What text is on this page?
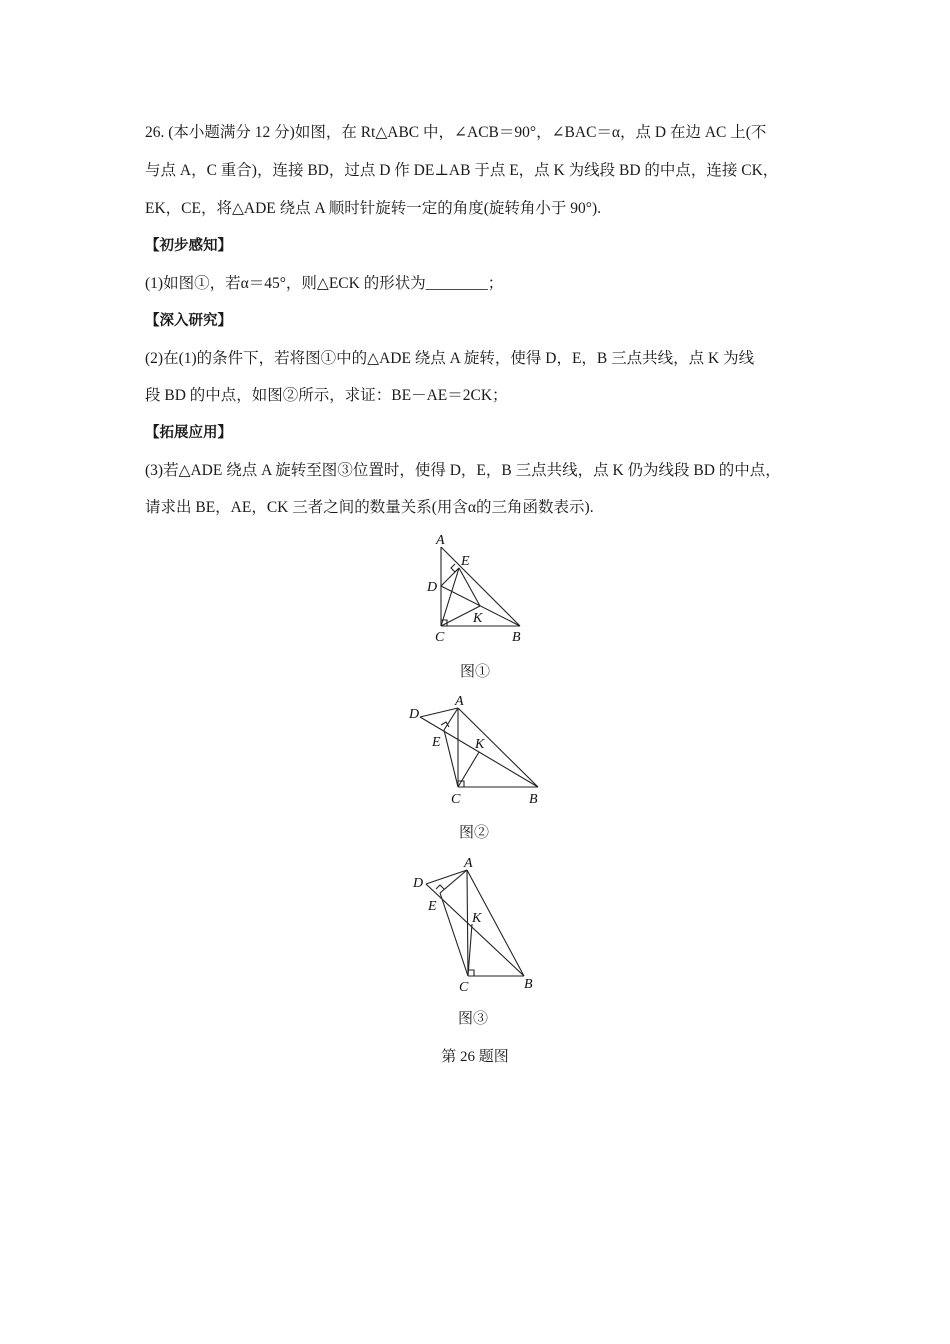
26. (本小题满分 12 分)如图，在 Rt△ABC 中，∠ACB＝90°，∠BAC＝α，点 D 在边 AC 上(不
与点 A，C 重合)，连接 BD，过点 D 作 DE⊥AB 于点 E，点 K 为线段 BD 的中点，连接 CK，
EK，CE，将△ADE 绕点 A 顺时针旋转一定的角度(旋转角小于 90°).
【初步感知】
(1)如图①，若α＝45°，则△ECK 的形状为________；
【深入研究】
(2)在(1)的条件下，若将图①中的△ADE 绕点 A 旋转，使得 D，E，B 三点共线，点 K 为线
段 BD 的中点，如图②所示，求证：BE－AE＝2CK；
【拓展应用】
(3)若△ADE 绕点 A 旋转至图③位置时，使得 D，E，B 三点共线，点 K 仍为线段 BD 的中点，
请求出 BE，AE，CK 三者之间的数量关系(用含α的三角函数表示).
A
E
D
K
C	B
图①
A
D
E K
C	B
图②
A
D
E
K
C	B
图③
第 26 题图
